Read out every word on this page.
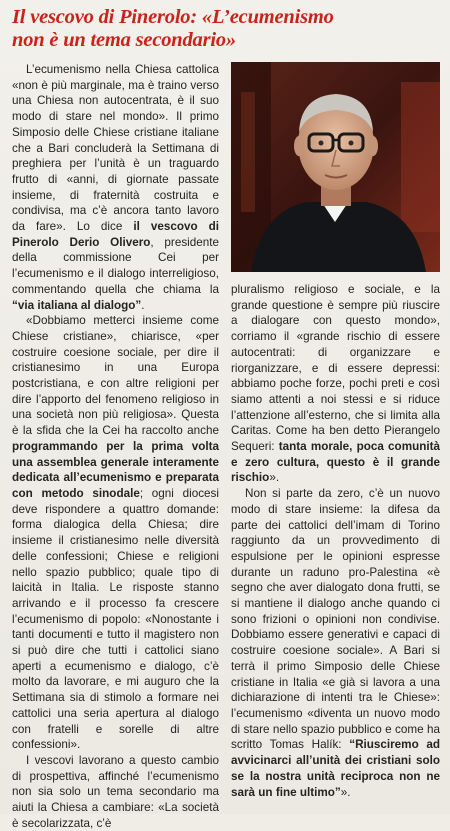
Il vescovo di Pinerolo: «L’ecumenismo
non è un tema secondario»

L’ecumenismo nella Chiesa cattolica «non è più marginale, ma è traino verso una Chiesa non autocentrata, è il suo modo di stare nel mondo». Il primo Simposio delle Chiese cristiane italiane che a Bari concluderà la Settimana di preghiera per l’unità è un traguardo frutto di «anni, di giornate passate insieme, di fraternità costruita e condivisa, ma c’è ancora tanto lavoro da fare». Lo dice il vescovo di Pinerolo Derio Olivero, presidente della commissione Cei per l’ecumenismo e il dialogo interreligioso, commentando quella che chiama la “via italiana al dialogo”.

«Dobbiamo metterci insieme come Chiese cristiane», chiarisce, «per costruire coesione sociale, per dire il cristianesimo in una Europa postcristiana, e con altre religioni per dire l’apporto del fenomeno religioso in una società non più religiosa». Questa è la sfida che la Cei ha raccolto anche programmando per la prima volta una assemblea generale interamente dedicata all’ecumenismo e preparata con metodo sinodale; ogni diocesi deve rispondere a quattro domande: forma dialogica della Chiesa; dire insieme il cristianesimo nelle diversità delle confessioni; Chiese e religioni nello spazio pubblico; quale tipo di laicità in Italia. Le risposte stanno arrivando e il processo fa crescere l’ecumenismo di popolo: «Nonostante i tanti documenti e tutto il magistero non si può dire che tutti i cattolici siano aperti a ecumenismo e dialogo, c’è molto da lavorare, e mi auguro che la Settimana sia di stimolo a formare nei cattolici una seria apertura al dialogo con fratelli e sorelle di altre confessioni».

I vescovi lavorano a questo cambio di prospettiva, affinché l’ecumenismo non sia solo un tema secondario ma aiuti la Chiesa a cambiare: «La società è secolarizzata, c’è

pluralismo religioso e sociale, e la grande questione è sempre più riuscire a dialogare con questo mondo», corriamo il «grande rischio di essere autocentrati: di organizzare e riorganizzare, e di essere depressi: abbiamo poche forze, pochi preti e così siamo attenti a noi stessi e si riduce l’attenzione all’esterno, che si limita alla Caritas. Come ha ben detto Pierangelo Sequeri: tanta morale, poca comunità e zero cultura, questo è il grande rischio».

Non si parte da zero, c’è un nuovo modo di stare insieme: la difesa da parte dei cattolici dell’imam di Torino raggiunto da un provvedimento di espulsione per le opinioni espresse durante un raduno pro-Palestina «è segno che aver dialogato dona frutti, se si mantiene il dialogo anche quando ci sono frizioni o opinioni non condivise. Dobbiamo essere generativi e capaci di costruire coesione sociale». A Bari si terrà il primo Simposio delle Chiese cristiane in Italia «e già si lavora a una dichiarazione di intenti tra le Chiese»: l’ecumenismo «diventa un nuovo modo di stare nello spazio pubblico e come ha scritto Tomas Halík: “Riusciremo ad avvicinarci all’unità dei cristiani solo se la nostra unità reciproca non ne sarà un fine ultimo”».
